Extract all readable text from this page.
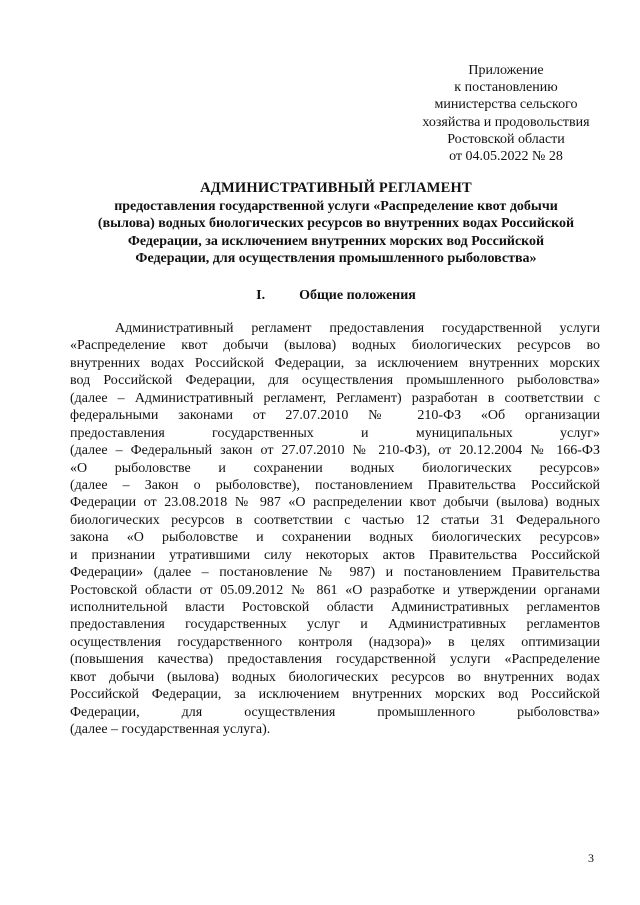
Приложение
к постановлению
министерства сельского
хозяйства и продовольствия
Ростовской области
от 04.05.2022 № 28
АДМИНИСТРАТИВНЫЙ РЕГЛАМЕНТ
предоставления государственной услуги «Распределение квот добычи
(вылова) водных биологических ресурсов во внутренних водах Российской
Федерации, за исключением внутренних морских вод Российской
Федерации, для осуществления промышленного рыболовства»
I. Общие положения
Административный регламент предоставления государственной услуги
«Распределение квот добычи (вылова) водных биологических ресурсов во
внутренних водах Российской Федерации, за исключением внутренних морских
вод Российской Федерации, для осуществления промышленного рыболовства»
(далее – Административный регламент, Регламент) разработан в соответствии с
федеральными законами от 27.07.2010 № 210-ФЗ «Об организации
предоставления государственных и муниципальных услуг»
(далее – Федеральный закон от 27.07.2010 № 210-ФЗ), от 20.12.2004 № 166-ФЗ
«О рыболовстве и сохранении водных биологических ресурсов»
(далее – Закон о рыболовстве), постановлением Правительства Российской
Федерации от 23.08.2018 № 987 «О распределении квот добычи (вылова) водных
биологических ресурсов в соответствии с частью 12 статьи 31 Федерального
закона «О рыболовстве и сохранении водных биологических ресурсов»
и признании утратившими силу некоторых актов Правительства Российской
Федерации» (далее – постановление № 987) и постановлением Правительства
Ростовской области от 05.09.2012 № 861 «О разработке и утверждении органами
исполнительной власти Ростовской области Административных регламентов
предоставления государственных услуг и Административных регламентов
осуществления государственного контроля (надзора)» в целях оптимизации
(повышения качества) предоставления государственной услуги «Распределение
квот добычи (вылова) водных биологических ресурсов во внутренних водах
Российской Федерации, за исключением внутренних морских вод Российской
Федерации, для осуществления промышленного рыболовства»
(далее – государственная услуга).
3
